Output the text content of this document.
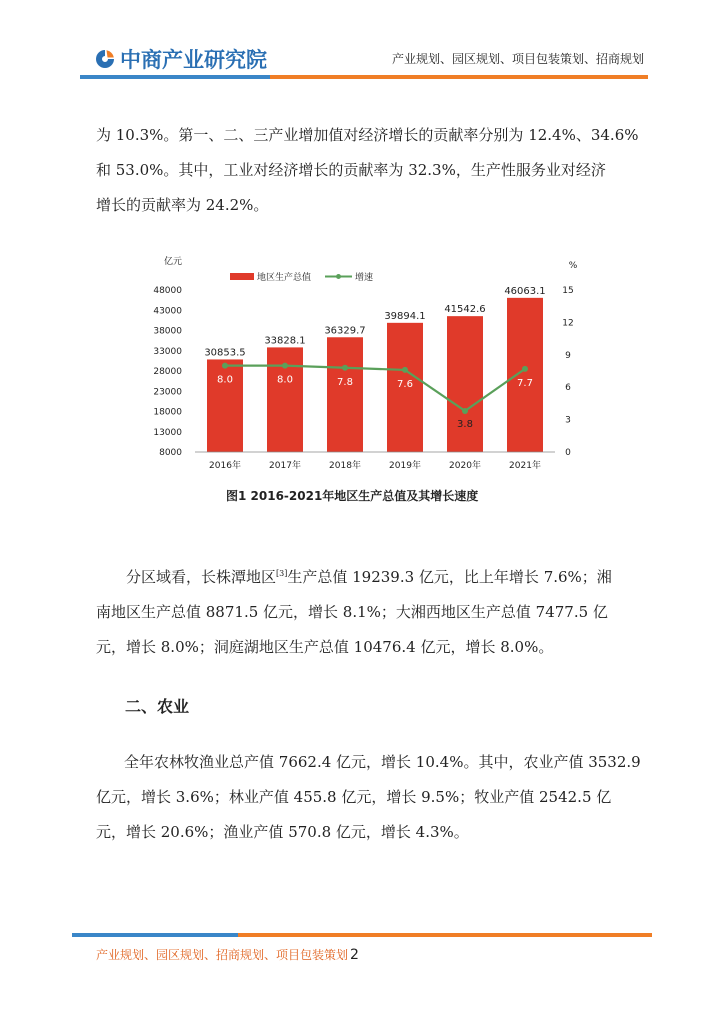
中商产业研究院	产业规划、园区规划、项目包装策划、招商规划
为 10.3%。第一、二、三产业增加值对经济增长的贡献率分别为 12.4%、34.6%
和 53.0%。其中，工业对经济增长的贡献率为 32.3%，生产性服务业对经济
增长的贡献率为 24.2%。
亿元	%
地区生产总值	增速
8000
13000
18000
23000
28000
33000
38000
43000
48000
0
3
6
9
12
15
30853.5
33828.1
36329.7
39894.1
41542.6
46063.1
2016年	2017年	2018年	2019年	2020年	2021年
8.0	8.0	7.8	7.6
3.8
7.7
图1 2016-2021年地区生产总值及其增长速度
分区域看，长株潭地区[3]生产总值 19239.3 亿元，比上年增长 7.6%；湘
南地区生产总值 8871.5 亿元，增长 8.1%；大湘西地区生产总值 7477.5 亿
元，增长 8.0%；洞庭湖地区生产总值 10476.4 亿元，增长 8.0%。
二、农业
全年农林牧渔业总产值 7662.4 亿元，增长 10.4%。其中，农业产值 3532.9
亿元，增长 3.6%；林业产值 455.8 亿元，增长 9.5%；牧业产值 2542.5 亿
元，增长 20.6%；渔业产值 570.8 亿元，增长 4.3%。
产业规划、园区规划、招商规划、项目包装策划 2
